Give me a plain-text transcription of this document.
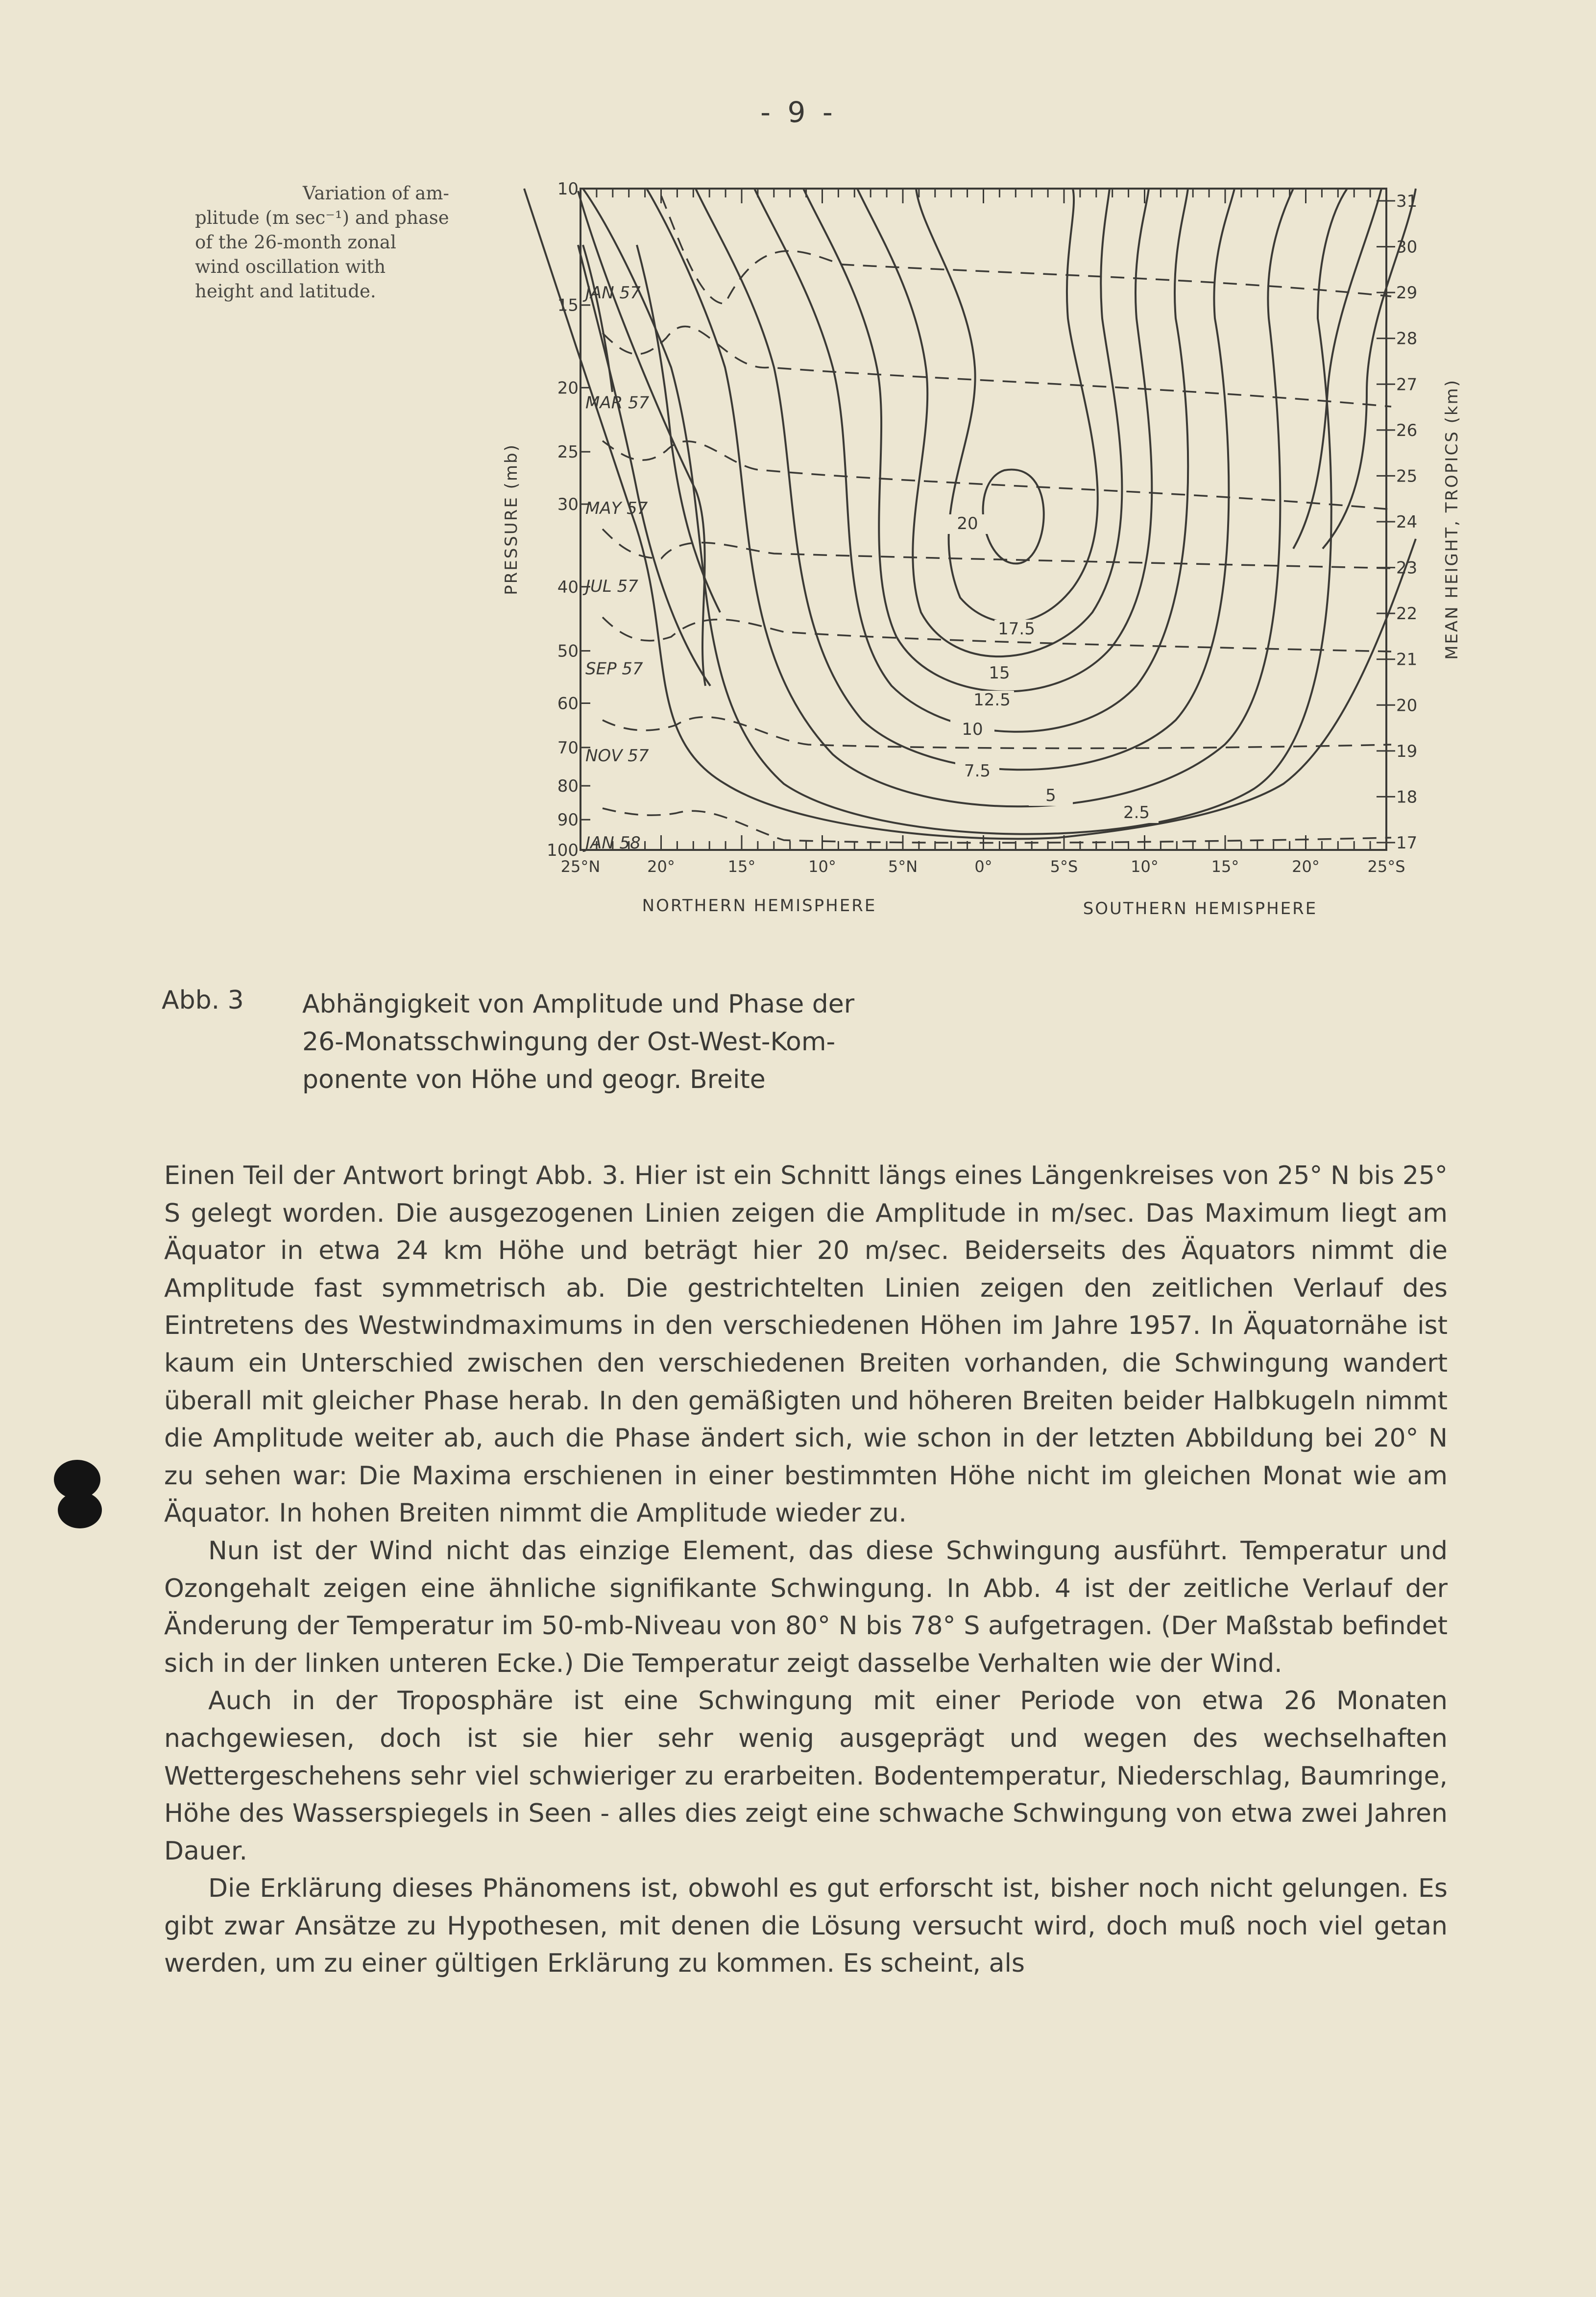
- 9 -
Variation of am-
plitude (m sec⁻¹) and phase
of the 26-month zonal
wind oscillation with
height and latitude.
10
15
20
25
30
40
50
60
70
80
90
100
PRESSURE (mb)
31
30
29
28
27
26
25
24
23
22
21
20
19
18
17
MEAN HEIGHT, TROPICS (km)
25°N	20°	15°	10°	5°N	0°	5°S	10°	15°	20°	25°S
NORTHERN HEMISPHERE	SOUTHERN HEMISPHERE
JAN 57
MAR 57
MAY 57
JUL 57
SEP 57
NOV 57
JAN 58
20
17.5
15
12.5
10
7.5
5
2.5
Abb. 3 Abhängigkeit von Amplitude und Phase der
26-Monatsschwingung der Ost-West-Kom-
ponente von Höhe und geogr. Breite

Einen Teil der Antwort bringt Abb. 3. Hier ist ein Schnitt längs eines Längenkreises von 25° N bis 25° S gelegt worden. Die ausgezogenen Linien zeigen die Amplitude in m/sec. Das Maximum liegt am Äquator in etwa 24 km Höhe und beträgt hier 20 m/sec. Beiderseits des Äquators nimmt die Amplitude fast symmetrisch ab. Die gestrichtelten Linien zeigen den zeitlichen Verlauf des Eintretens des Westwindmaximums in den verschiedenen Höhen im Jahre 1957. In Äquatornähe ist kaum ein Unterschied zwischen den verschiedenen Breiten vorhanden, die Schwingung wandert überall mit gleicher Phase herab. In den gemäßigten und höheren Breiten beider Halbkugeln nimmt die Amplitude weiter ab, auch die Phase ändert sich, wie schon in der letzten Abbildung bei 20° N zu sehen war: Die Maxima erschienen in einer bestimmten Höhe nicht im gleichen Monat wie am Äquator. In hohen Breiten nimmt die Amplitude wieder zu.

Nun ist der Wind nicht das einzige Element, das diese Schwingung ausführt. Temperatur und Ozongehalt zeigen eine ähnliche signifikante Schwingung. In Abb. 4 ist der zeitliche Verlauf der Änderung der Temperatur im 50-mb-Niveau von 80° N bis 78° S aufgetragen. (Der Maßstab befindet sich in der linken unteren Ecke.) Die Temperatur zeigt dasselbe Verhalten wie der Wind.

Auch in der Troposphäre ist eine Schwingung mit einer Periode von etwa 26 Monaten nachgewiesen, doch ist sie hier sehr wenig ausgeprägt und wegen des wechselhaften Wettergeschehens sehr viel schwieriger zu erarbeiten. Bodentemperatur, Niederschlag, Baumringe, Höhe des Wasserspiegels in Seen - alles dies zeigt eine schwache Schwingung von etwa zwei Jahren Dauer.

Die Erklärung dieses Phänomens ist, obwohl es gut erforscht ist, bisher noch nicht gelungen. Es gibt zwar Ansätze zu Hypothesen, mit denen die Lösung versucht wird, doch muß noch viel getan werden, um zu einer gültigen Erklärung zu kommen. Es scheint, als
